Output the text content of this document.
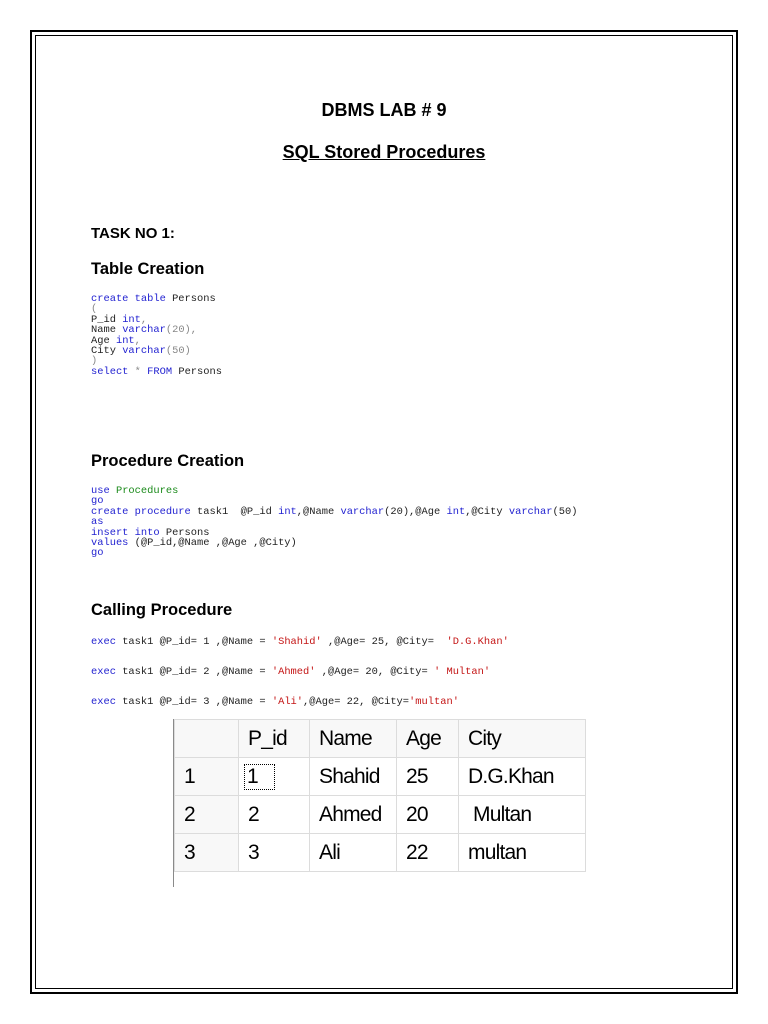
DBMS LAB # 9
SQL Stored Procedures
TASK NO 1:
Table Creation
create table Persons
(
P_id int,
Name varchar(20),
Age int,
City varchar(50)
)
select * FROM Persons
Procedure Creation
use Procedures
go
create procedure task1  @P_id int,@Name varchar(20),@Age int,@City varchar(50)
as
insert into Persons
values (@P_id,@Name ,@Age ,@City)
go
Calling Procedure
exec task1 @P_id= 1 ,@Name = 'Shahid' ,@Age= 25, @City=  'D.G.Khan'
exec task1 @P_id= 2 ,@Name = 'Ahmed' ,@Age= 20, @City= ' Multan'
exec task1 @P_id= 3 ,@Name = 'Ali',@Age= 22, @City='multan'
	P_id	Name	Age	City
1	1	Shahid	25	D.G.Khan
2	2	Ahmed	20	Multan
3	3	Ali	22	multan
